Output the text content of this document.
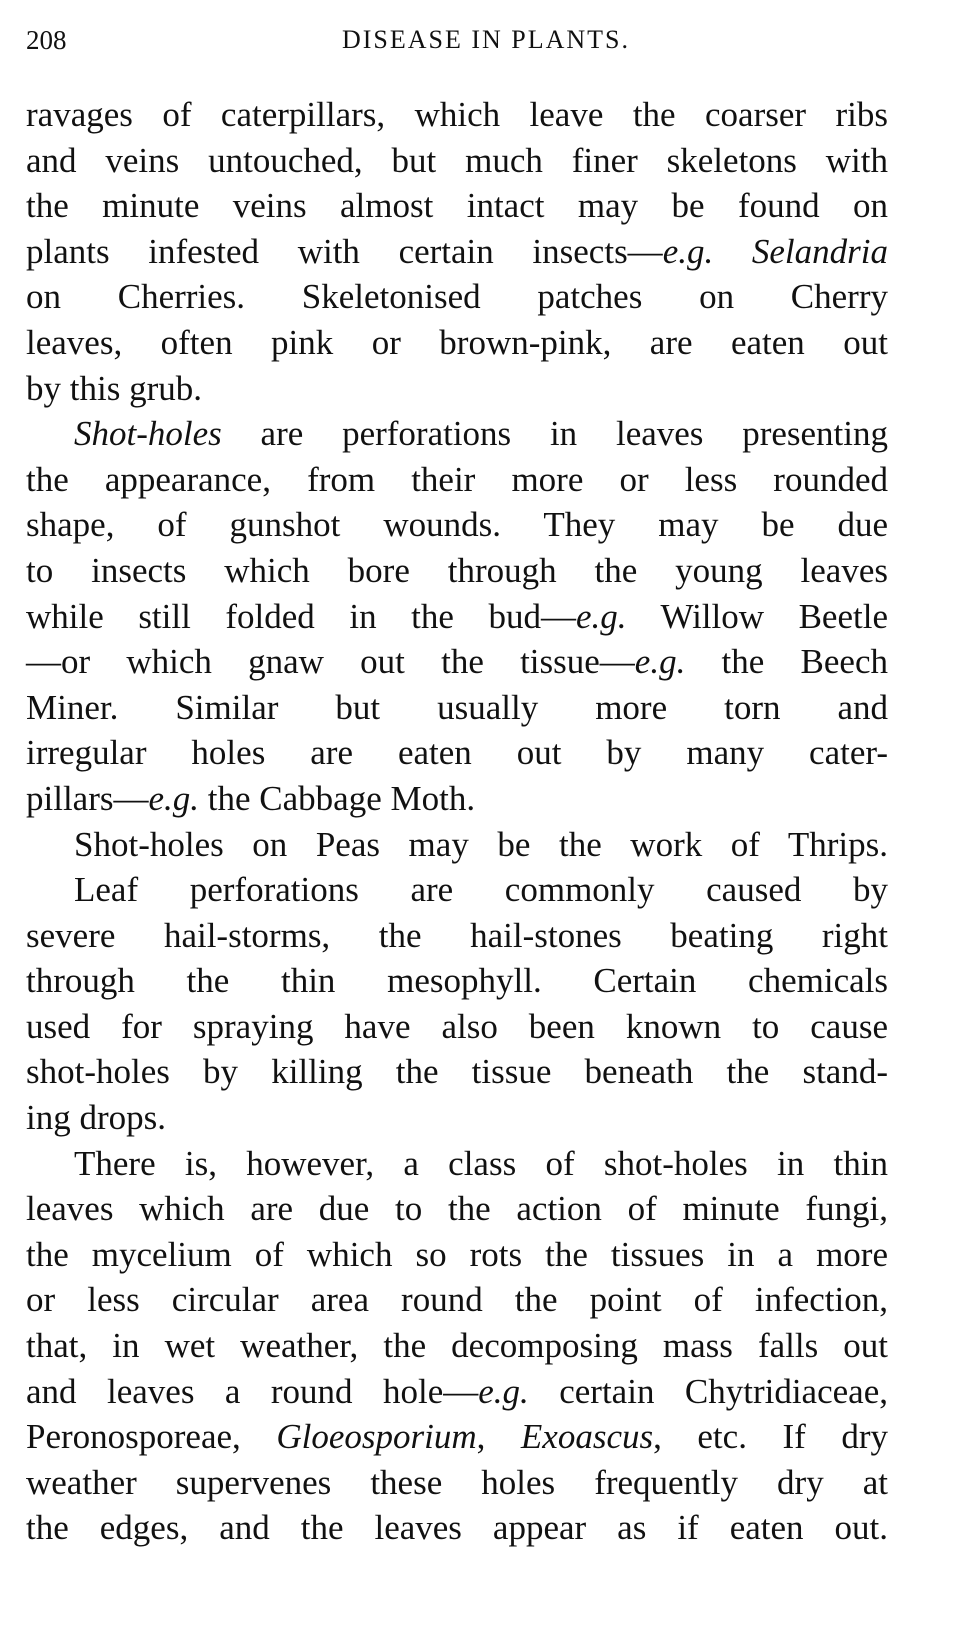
208	DISEASE IN PLANTS.
ravages of caterpillars, which leave the coarser ribs
and veins untouched, but much finer skeletons with
the minute veins almost intact may be found on
plants infested with certain insects—e.g. Selandria
on Cherries. Skeletonised patches on Cherry
leaves, often pink or brown-pink, are eaten out
by this grub.
Shot-holes are perforations in leaves presenting
the appearance, from their more or less rounded
shape, of gunshot wounds. They may be due
to insects which bore through the young leaves
while still folded in the bud—e.g. Willow Beetle
—or which gnaw out the tissue—e.g. the Beech
Miner. Similar but usually more torn and
irregular holes are eaten out by many cater-
pillars—e.g. the Cabbage Moth.
Shot-holes on Peas may be the work of Thrips.
Leaf perforations are commonly caused by
severe hail-storms, the hail-stones beating right
through the thin mesophyll. Certain chemicals
used for spraying have also been known to cause
shot-holes by killing the tissue beneath the stand-
ing drops.
There is, however, a class of shot-holes in thin
leaves which are due to the action of minute fungi,
the mycelium of which so rots the tissues in a more
or less circular area round the point of infection,
that, in wet weather, the decomposing mass falls out
and leaves a round hole—e.g. certain Chytridiaceae,
Peronosporeae, Gloeosporium, Exoascus, etc. If dry
weather supervenes these holes frequently dry at
the edges, and the leaves appear as if eaten out.
